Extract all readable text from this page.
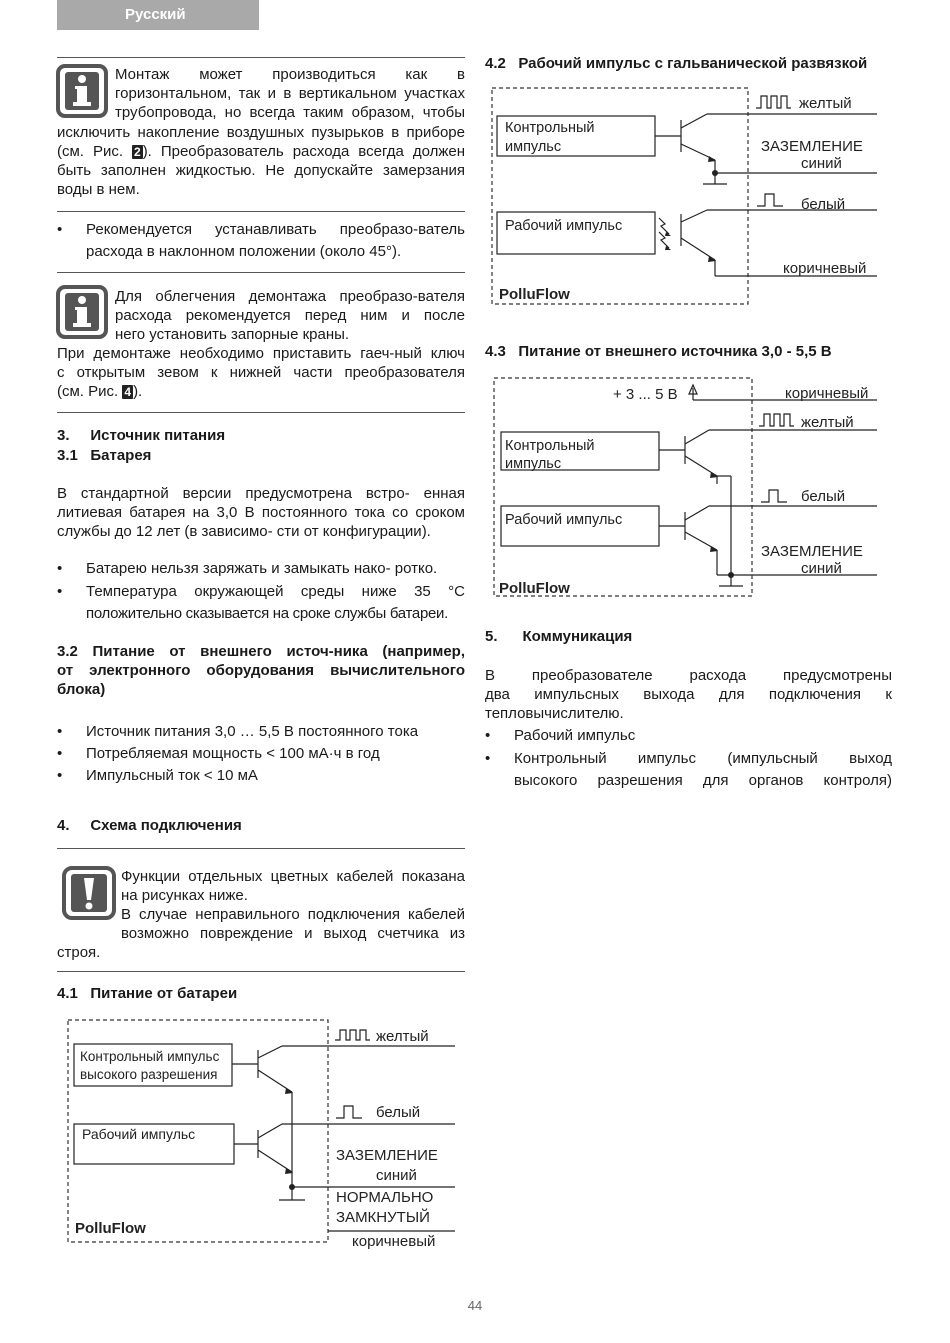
Русский
Монтаж может производиться как в
горизонтальном, так и в вертикальном участках
трубопровода, но всегда таким образом, чтобы
исключить накопление воздушных пузырьков в приборе
(см. Рис. 2 ). Преобразователь расхода всегда должен
быть заполнен жидкостью. Не допускайте замерзания
воды в нем.
• Рекомендуется устанавливать преобразо-ватель
расхода в наклонном положении (около 45°).
Для облегчения демонтажа преобразо-вателя
расхода рекомендуется перед ним и после
него установить запорные краны.
При демонтаже необходимо приставить гаеч-ный ключ
с открытым зевом к нижней части преобразователя
(см. Рис. 4 ).
3.     Источник питания
3.1   Батарея
В стандартной версии предусмотрена встро- енная
литиевая батарея на 3,0 В постоянного тока со сроком
службы до 12 лет (в зависимо- сти от конфигурации).
• Батарею нельзя заряжать и замыкать нако- ротко.
• Температура окружающей среды ниже 35 °С
положительно сказывается на сроке службы батареи.
3.2 Питание от внешнего источ-ника (например,
от электронного оборудования вычислительного
блока)
• Источник питания 3,0 … 5,5 В постоянного тока
• Потребляемая мощность < 100 мА·ч в год
• Импульсный ток < 10 мА
4.     Схема подключения
Функции отдельных цветных кабелей показана
на рисунках ниже.
В случае неправильного подключения кабелей
возможно повреждение и выход счетчика из
строя.
4.1   Питание от батареи
Контрольный импульс
высокого разрешения
Рабочий импульс
желтый
белый
ЗАЗЕМЛЕНИЕ
синий
НОРМАЛЬНО
ЗАМКНУТЫЙ
коричневый
PolluFlow
4.2   Рабочий импульс с гальванической развязкой
Контрольный
импульс
Рабочий импульс
желтый
ЗАЗЕМЛЕНИЕ
синий
белый
коричневый
PolluFlow
4.3   Питание от внешнего источника 3,0 - 5,5 В
+ 3 ... 5 В
Контрольный
импульс
Рабочий импульс
коричневый
желтый
белый
ЗАЗЕМЛЕНИЕ
синий
PolluFlow
5.      Коммуникация
В преобразователе расхода предусмотрены
два импульсных выхода для подключения к
тепловычислителю.
• Рабочий импульс
• Контрольный импульс (импульсный выход
высокого разрешения для органов контроля)
44
